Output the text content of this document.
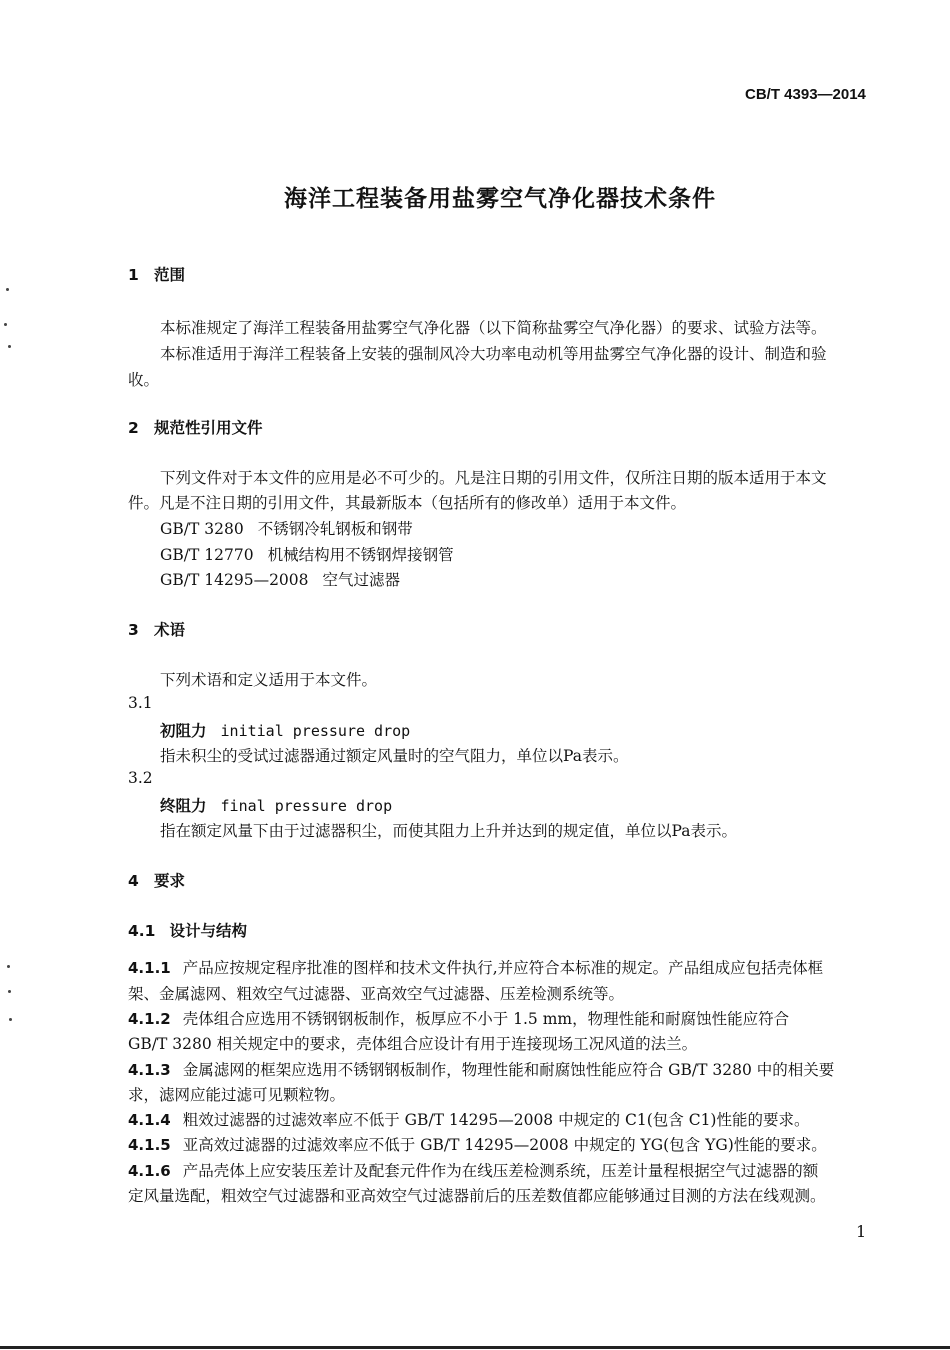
CB/T 4393—2014
海洋工程装备用盐雾空气净化器技术条件
1 范围
本标准规定了海洋工程装备用盐雾空气净化器（以下简称盐雾空气净化器）的要求、试验方法等。
本标准适用于海洋工程装备上安装的强制风冷大功率电动机等用盐雾空气净化器的设计、制造和验
收。
2 规范性引用文件
下列文件对于本文件的应用是必不可少的。凡是注日期的引用文件，仅所注日期的版本适用于本文
件。凡是不注日期的引用文件，其最新版本（包括所有的修改单）适用于本文件。
GB/T 3280 不锈钢冷轧钢板和钢带
GB/T 12770 机械结构用不锈钢焊接钢管
GB/T 14295—2008 空气过滤器
3 术语
下列术语和定义适用于本文件。
3.1
初阻力 initial pressure drop
指未积尘的受试过滤器通过额定风量时的空气阻力，单位以Pa表示。
3.2
终阻力 final pressure drop
指在额定风量下由于过滤器积尘，而使其阻力上升并达到的规定值，单位以Pa表示。
4 要求
4.1 设计与结构
4.1.1 产品应按规定程序批准的图样和技术文件执行,并应符合本标准的规定。产品组成应包括壳体框
架、金属滤网、粗效空气过滤器、亚高效空气过滤器、压差检测系统等。
4.1.2 壳体组合应选用不锈钢钢板制作，板厚应不小于 1.5 mm，物理性能和耐腐蚀性能应符合
GB/T 3280 相关规定中的要求，壳体组合应设计有用于连接现场工况风道的法兰。
4.1.3 金属滤网的框架应选用不锈钢钢板制作，物理性能和耐腐蚀性能应符合 GB/T 3280 中的相关要
求，滤网应能过滤可见颗粒物。
4.1.4 粗效过滤器的过滤效率应不低于 GB/T 14295—2008 中规定的 C1(包含 C1)性能的要求。
4.1.5 亚高效过滤器的过滤效率应不低于 GB/T 14295—2008 中规定的 YG(包含 YG)性能的要求。
4.1.6 产品壳体上应安装压差计及配套元件作为在线压差检测系统，压差计量程根据空气过滤器的额
定风量选配，粗效空气过滤器和亚高效空气过滤器前后的压差数值都应能够通过目测的方法在线观测。
1
